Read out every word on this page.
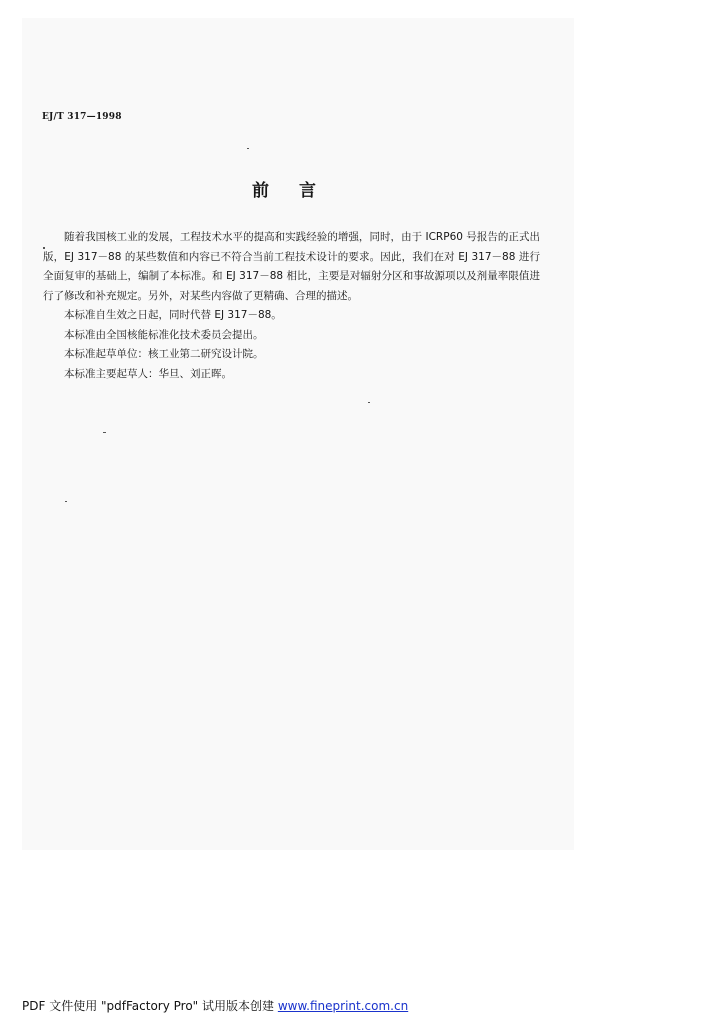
EJ/T 317—1998
前言

随着我国核工业的发展，工程技术水平的提高和实践经验的增强，同时，由于 ICRP60 号报告的正式出版，EJ 317－88 的某些数值和内容已不符合当前工程技术设计的要求。因此，我们在对 EJ 317－88 进行全面复审的基础上，编制了本标准。和 EJ 317－88 相比，主要是对辐射分区和事故源项以及剂量率限值进行了修改和补充规定。另外，对某些内容做了更精确、合理的描述。

本标准自生效之日起，同时代替 EJ 317－88。

本标准由全国核能标准化技术委员会提出。

本标准起草单位：核工业第二研究设计院。

本标准主要起草人：华旦、刘正晖。

PDF 文件使用 "pdfFactory Pro" 试用版本创建 www.fineprint.com.cn
